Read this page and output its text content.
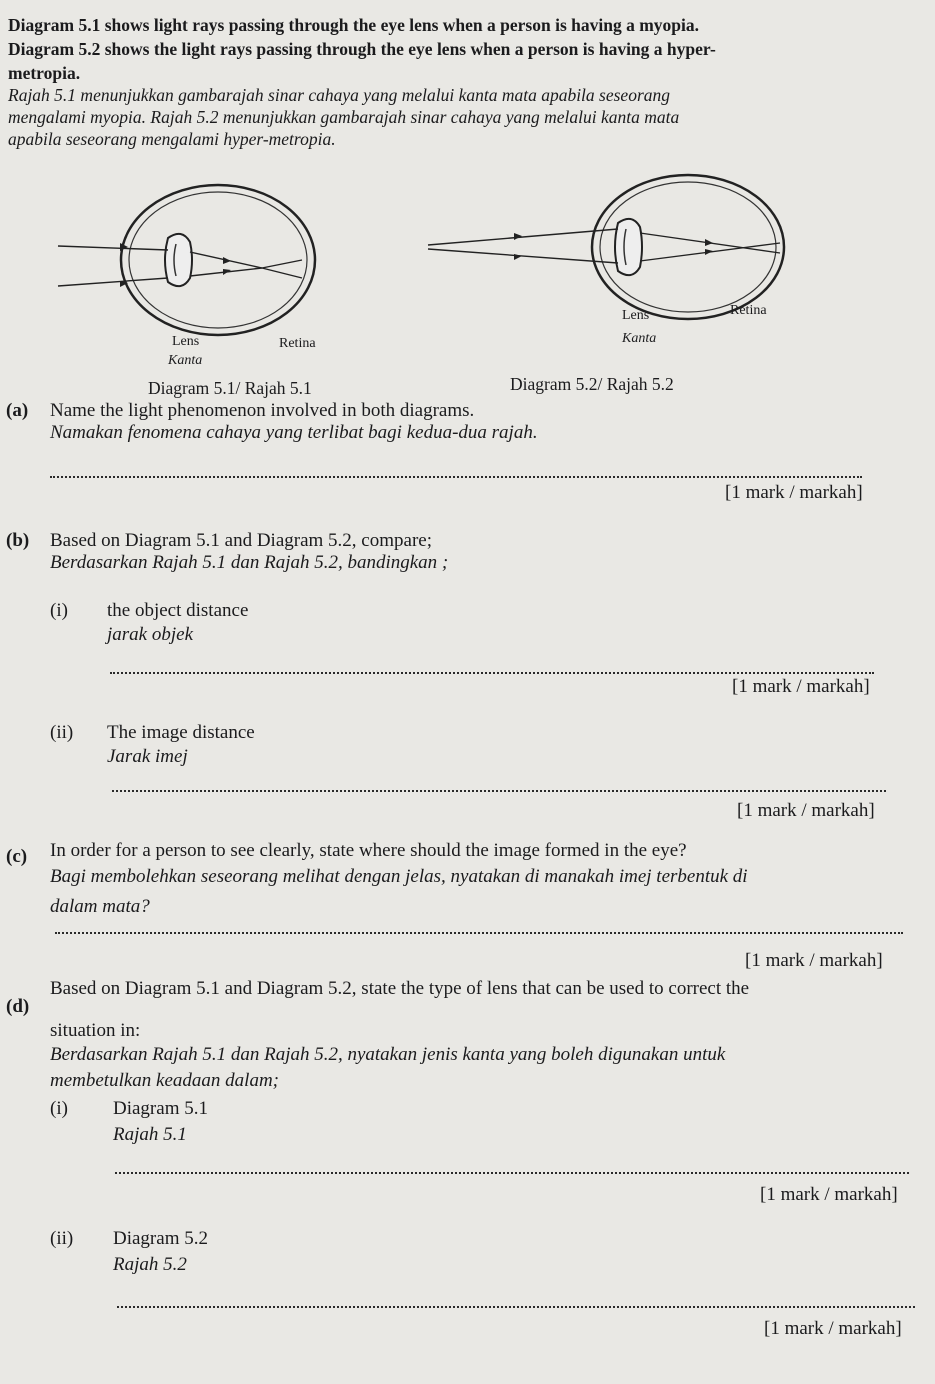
Diagram 5.1 shows light rays passing through the eye lens when a person is having a myopia.
Diagram 5.2 shows the light rays passing through the eye lens when a person is having a hyper-
metropia.
Rajah 5.1 menunjukkan gambarajah sinar cahaya yang melalui kanta mata apabila seseorang
mengalami myopia. Rajah 5.2 menunjukkan gambarajah sinar cahaya yang melalui kanta mata
apabila seseorang mengalami hyper-metropia.
Lens
Kanta
Retina
Lens
Kanta
Retina
Diagram 5.1/ Rajah 5.1	Diagram 5.2/ Rajah 5.2
(a) Name the light phenomenon involved in both diagrams.
Namakan fenomena cahaya yang terlibat bagi kedua-dua rajah.
[1 mark / markah]
(b) Based on Diagram 5.1 and Diagram 5.2, compare;
Berdasarkan Rajah 5.1 dan Rajah 5.2, bandingkan ;
(i) the object distance
jarak objek
[1 mark / markah]
(ii) The image distance
Jarak imej
[1 mark / markah]
(c) In order for a person to see clearly, state where should the image formed in the eye?
Bagi membolehkan seseorang melihat dengan jelas, nyatakan di manakah imej terbentuk di
dalam mata?
[1 mark / markah]
(d)
Based on Diagram 5.1 and Diagram 5.2, state the type of lens that can be used to correct the
situation in:
Berdasarkan Rajah 5.1 dan Rajah 5.2, nyatakan jenis kanta yang boleh digunakan untuk
membetulkan keadaan dalam;
(i) Diagram 5.1
Rajah 5.1
[1 mark / markah]
(ii) Diagram 5.2
Rajah 5.2
[1 mark / markah]
